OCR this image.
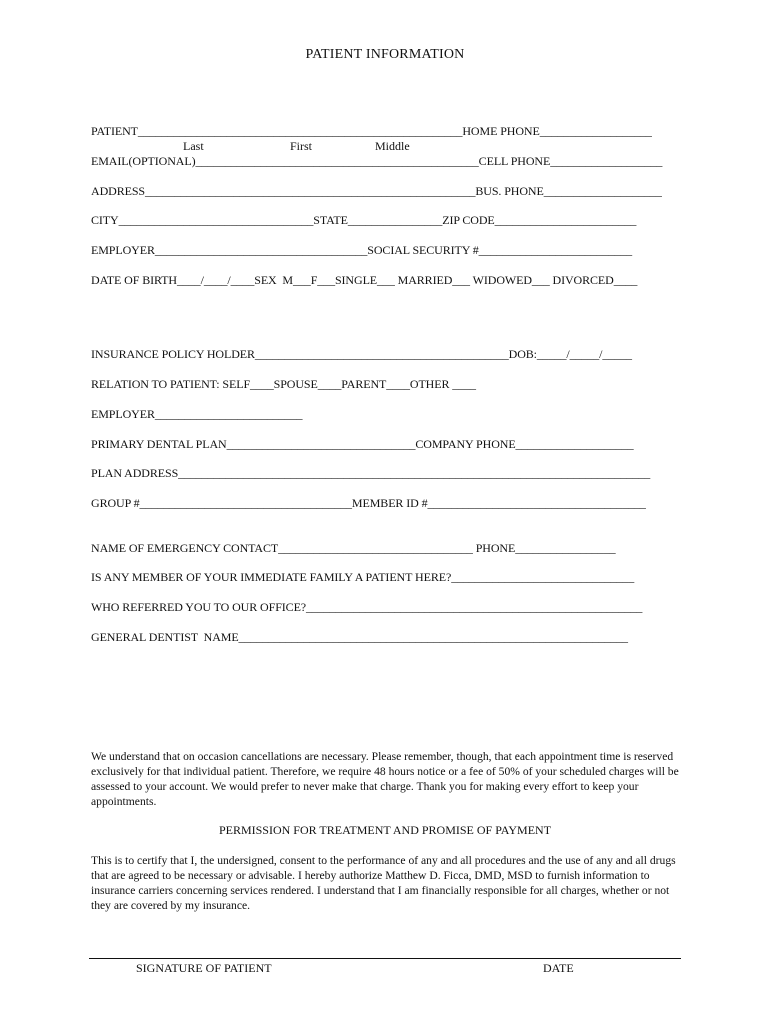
PATIENT INFORMATION
PATIENT_______________________________________________________HOME PHONE___________________
Last	First	Middle
EMAIL(OPTIONAL)________________________________________________CELL PHONE___________________
ADDRESS________________________________________________________BUS. PHONE____________________
CITY_________________________________STATE________________ZIP CODE________________________
EMPLOYER____________________________________SOCIAL SECURITY #__________________________
DATE OF BIRTH____/____/____SEX  M___F___SINGLE___ MARRIED___ WIDOWED___ DIVORCED____
INSURANCE POLICY HOLDER___________________________________________DOB:_____/_____/_____
RELATION TO PATIENT: SELF____SPOUSE____PARENT____OTHER ____
EMPLOYER_________________________
PRIMARY DENTAL PLAN________________________________COMPANY PHONE____________________
PLAN ADDRESS________________________________________________________________________________
GROUP #____________________________________MEMBER ID #_____________________________________
NAME OF EMERGENCY CONTACT_________________________________ PHONE_________________
IS ANY MEMBER OF YOUR IMMEDIATE FAMILY A PATIENT HERE?_______________________________
WHO REFERRED YOU TO OUR OFFICE?_________________________________________________________
GENERAL DENTIST  NAME__________________________________________________________________
We understand that on occasion cancellations are necessary. Please remember, though, that each appointment time is reserved exclusively for that individual patient. Therefore, we require 48 hours notice or a fee of 50% of your scheduled charges will be assessed to your account. We would prefer to never make that charge. Thank you for making every effort to keep your appointments.
PERMISSION FOR TREATMENT AND PROMISE OF PAYMENT
This is to certify that I, the undersigned, consent to the performance of any and all procedures and the use of any and all drugs that are agreed to be necessary or advisable. I hereby authorize Matthew D. Ficca, DMD, MSD to furnish information to insurance carriers concerning services rendered. I understand that I am financially responsible for all charges, whether or not they are covered by my insurance.
SIGNATURE OF PATIENT	DATE
